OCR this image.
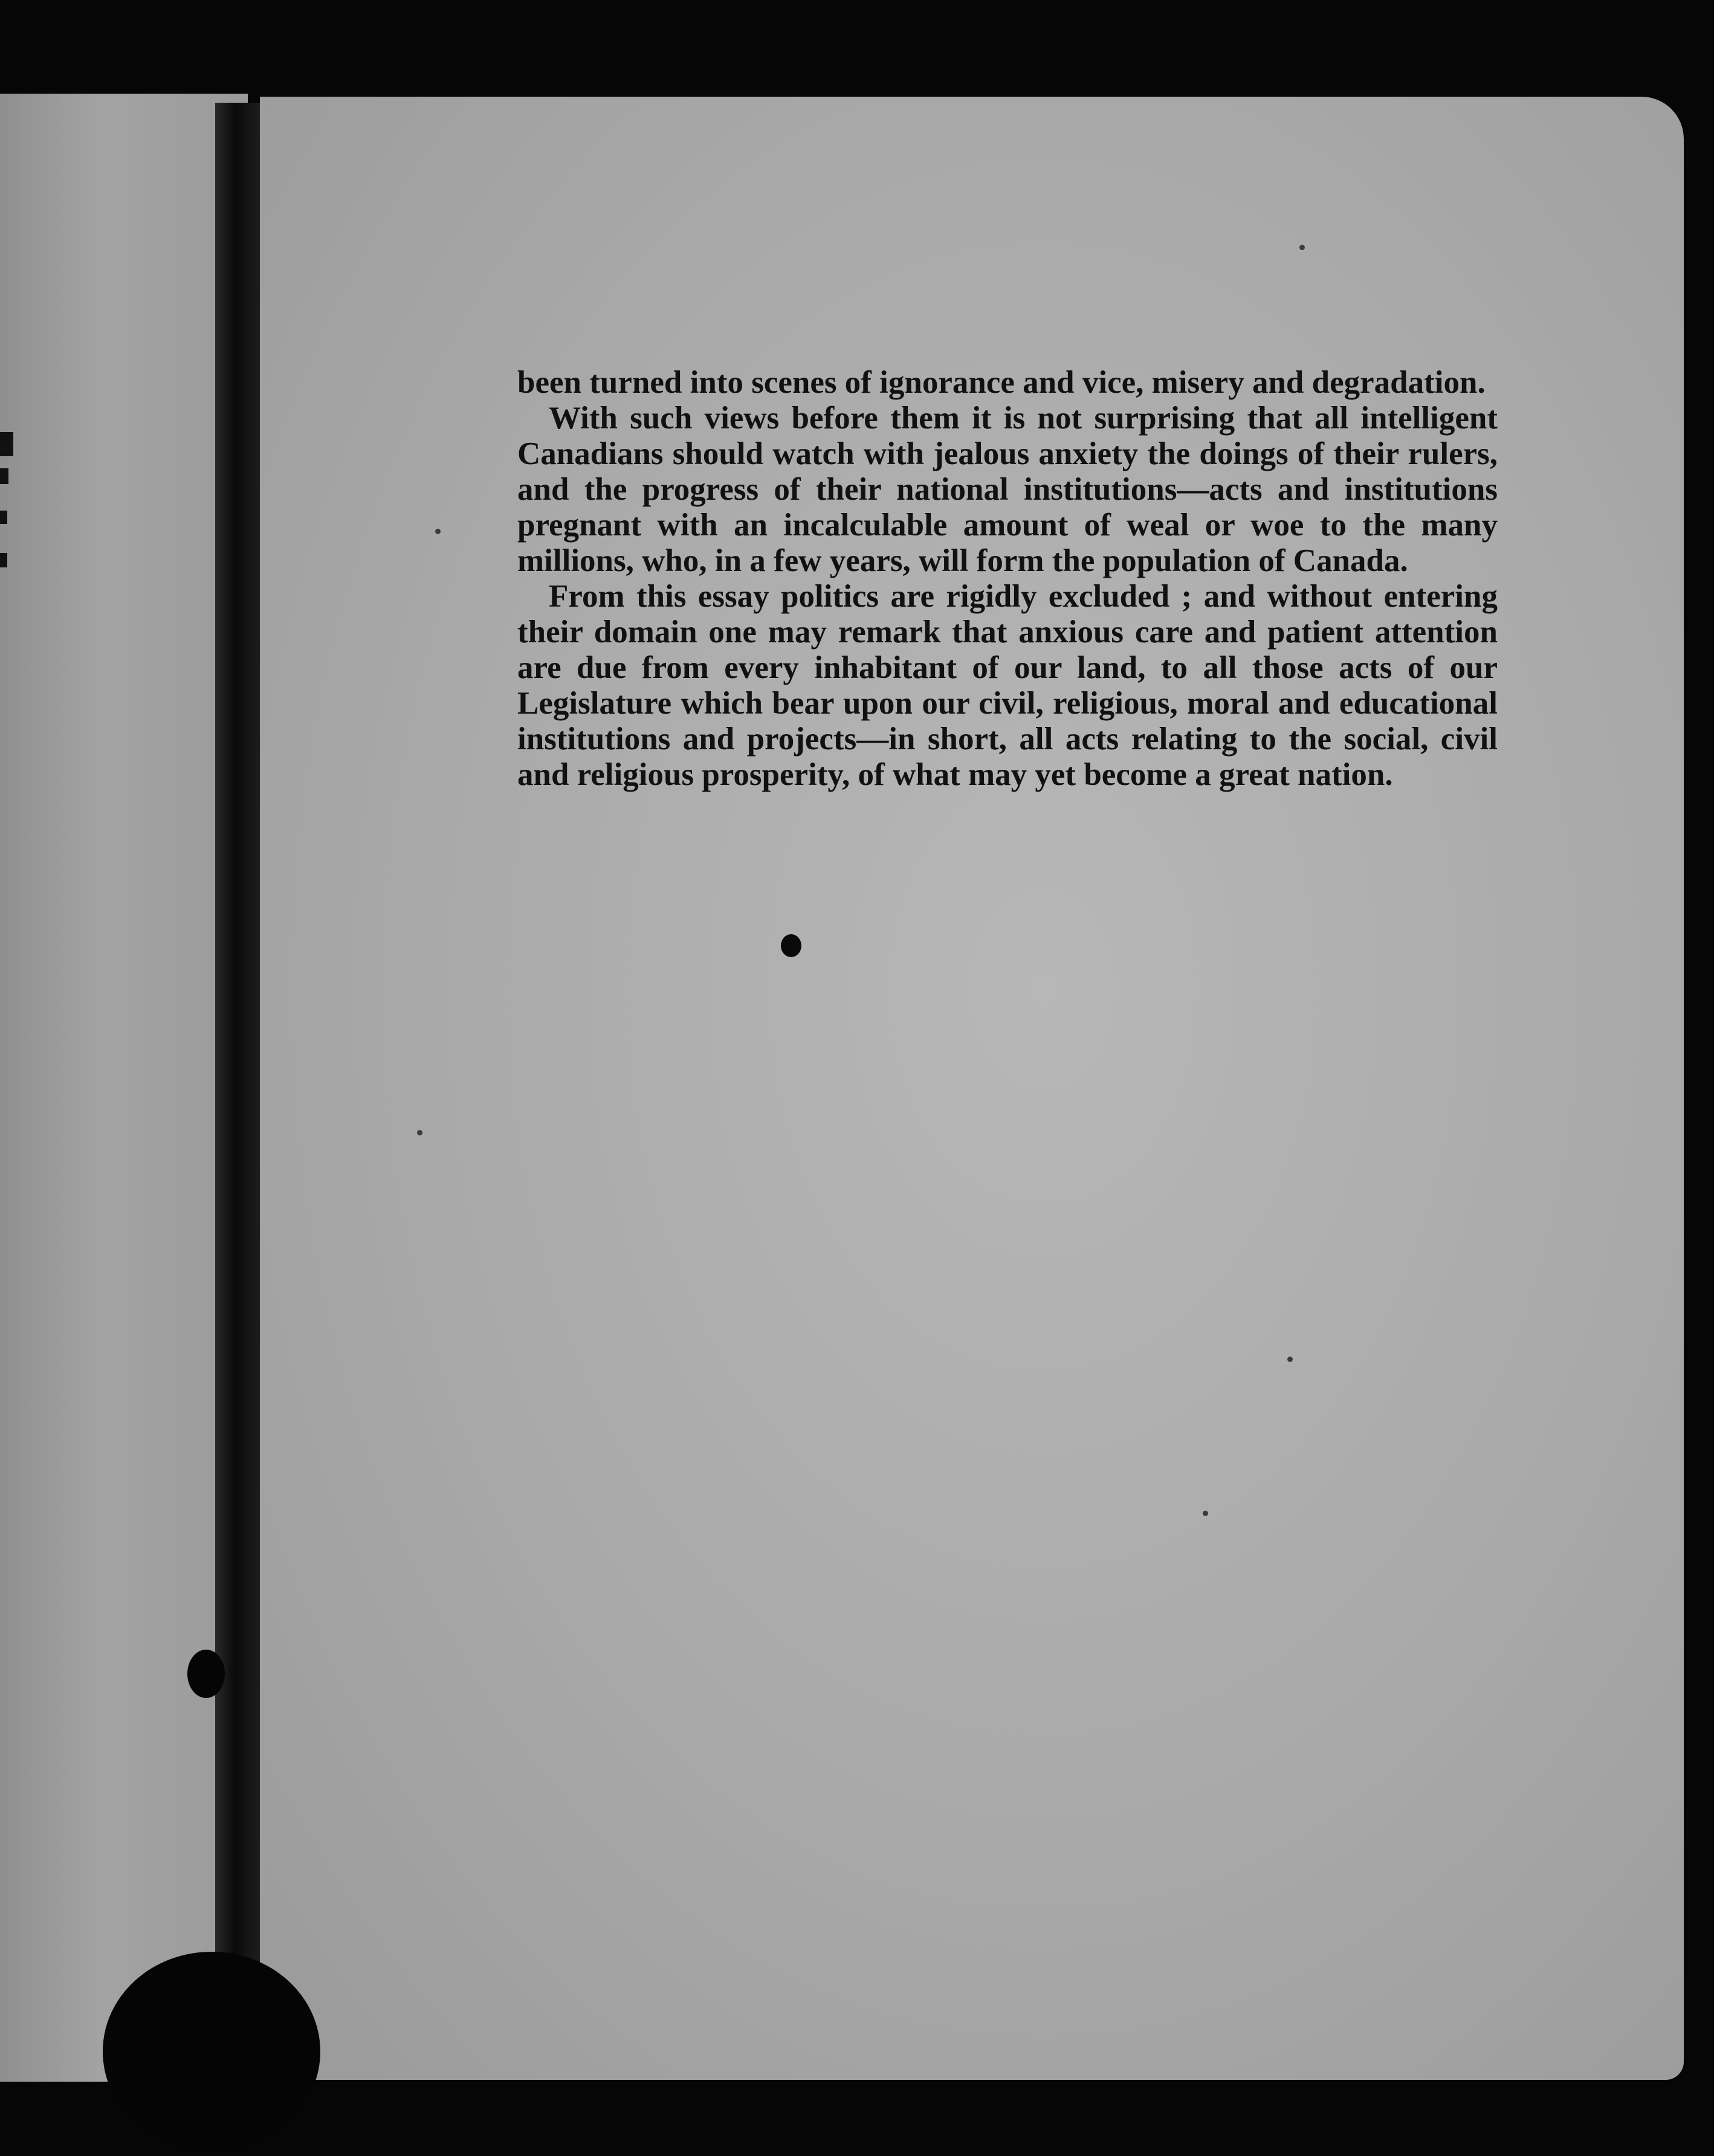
been turned into scenes of ignorance and vice, misery and degradation.

With such views before them it is not surprising that all intelligent Canadians should watch with jealous anxiety the doings of their rulers, and the progress of their national institutions—acts and institutions pregnant with an incalculable amount of weal or woe to the many millions, who, in a few years, will form the population of Canada.

From this essay politics are rigidly excluded ; and without entering their domain one may remark that anxious care and patient attention are due from every inhabitant of our land, to all those acts of our Legislature which bear upon our civil, religious, moral and educational institutions and projects—in short, all acts relating to the social, civil and religious prosperity, of what may yet become a great nation.
